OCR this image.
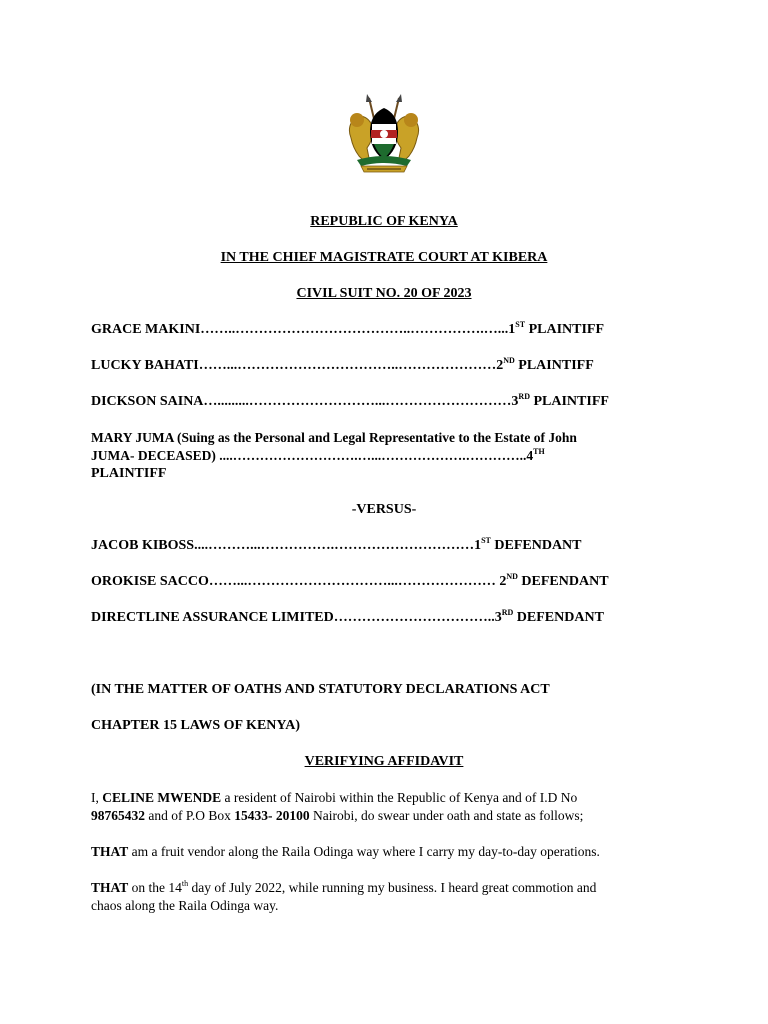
REPUBLIC OF KENYA

IN THE CHIEF MAGISTRATE COURT AT KIBERA

CIVIL SUIT NO. 20 OF 2023

GRACE MAKINI……..………………………………..…………….…...1ST PLAINTIFF

LUCKY BAHATI……...……………………………..…………………2ND PLAINTIFF

DICKSON SAINA….........………………………...………………………3RD PLAINTIFF

MARY JUMA (Suing as the Personal and Legal Representative to the Estate of John

JUMA- DECEASED) ....……………………….…...……………….…………..4TH

PLAINTIFF

-VERSUS-

JACOB KIBOSS....………...…………….…………………………1ST DEFENDANT

OROKISE SACCO……...…………………………...………………… 2ND DEFENDANT

DIRECTLINE ASSURANCE LIMITED……………………………..3RD DEFENDANT

(IN THE MATTER OF OATHS AND STATUTORY DECLARATIONS ACT

CHAPTER 15 LAWS OF KENYA)

VERIFYING AFFIDAVIT

I, CELINE MWENDE a resident of Nairobi within the Republic of Kenya and of I.D No
98765432 and of P.O Box 15433- 20100 Nairobi, do swear under oath and state as follows;

THAT am a fruit vendor along the Raila Odinga way where I carry my day-to-day operations.

THAT on the 14th day of July 2022, while running my business. I heard great commotion and
chaos along the Raila Odinga way.
